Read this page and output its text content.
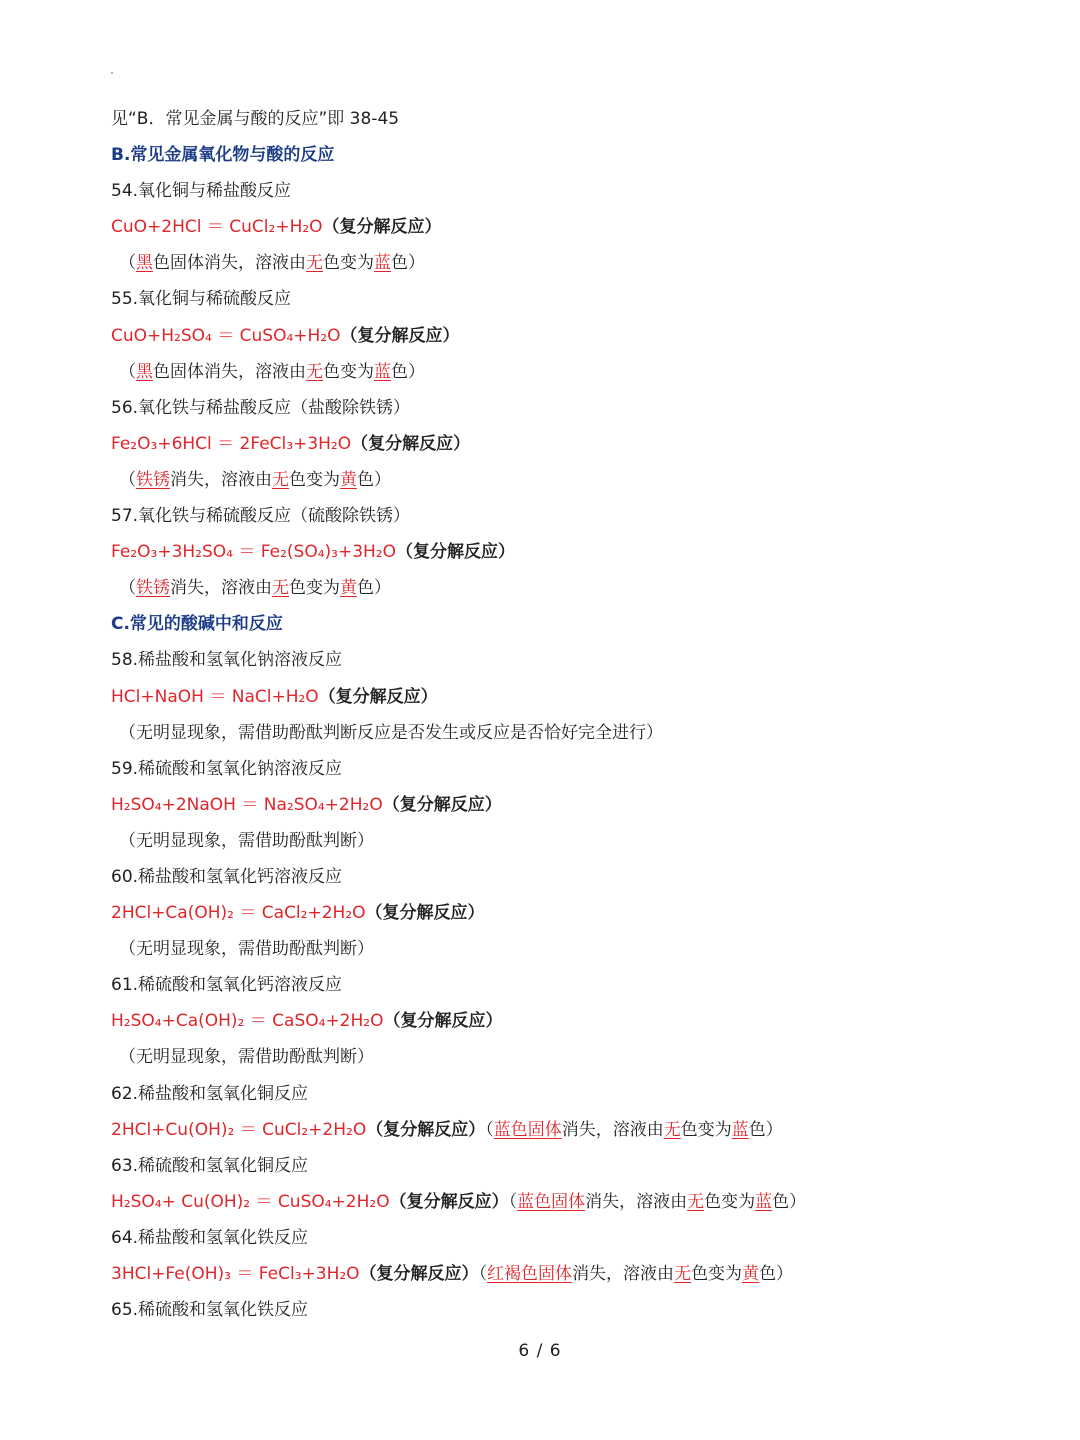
见“B．常见金属与酸的反应”即 38-45
B.常见金属氧化物与酸的反应
54.氧化铜与稀盐酸反应
CuO+2HCl ＝ CuCl₂+H₂O（复分解反应）
（黑色固体消失，溶液由无色变为蓝色）
55.氧化铜与稀硫酸反应
CuO+H₂SO₄ ＝ CuSO₄+H₂O（复分解反应）
（黑色固体消失，溶液由无色变为蓝色）
56.氧化铁与稀盐酸反应（盐酸除铁锈）
Fe₂O₃+6HCl ＝ 2FeCl₃+3H₂O（复分解反应）
（铁锈消失，溶液由无色变为黄色）
57.氧化铁与稀硫酸反应（硫酸除铁锈）
Fe₂O₃+3H₂SO₄ ＝ Fe₂(SO₄)₃+3H₂O（复分解反应）
（铁锈消失，溶液由无色变为黄色）
C.常见的酸碱中和反应
58.稀盐酸和氢氧化钠溶液反应
HCl+NaOH ＝ NaCl+H₂O（复分解反应）
（无明显现象，需借助酚酞判断反应是否发生或反应是否恰好完全进行）
59.稀硫酸和氢氧化钠溶液反应
H₂SO₄+2NaOH ＝ Na₂SO₄+2H₂O（复分解反应）
（无明显现象，需借助酚酞判断）
60.稀盐酸和氢氧化钙溶液反应
2HCl+Ca(OH)₂ ＝ CaCl₂+2H₂O（复分解反应）
（无明显现象，需借助酚酞判断）
61.稀硫酸和氢氧化钙溶液反应
H₂SO₄+Ca(OH)₂ ＝ CaSO₄+2H₂O（复分解反应）
（无明显现象，需借助酚酞判断）
62.稀盐酸和氢氧化铜反应
2HCl+Cu(OH)₂ ＝ CuCl₂+2H₂O（复分解反应）（蓝色固体消失，溶液由无色变为蓝色）
63.稀硫酸和氢氧化铜反应
H₂SO₄+ Cu(OH)₂ ＝ CuSO₄+2H₂O（复分解反应）（蓝色固体消失，溶液由无色变为蓝色）
64.稀盐酸和氢氧化铁反应
3HCl+Fe(OH)₃ ＝ FeCl₃+3H₂O（复分解反应）（红褐色固体消失，溶液由无色变为黄色）
65.稀硫酸和氢氧化铁反应
6 / 6
